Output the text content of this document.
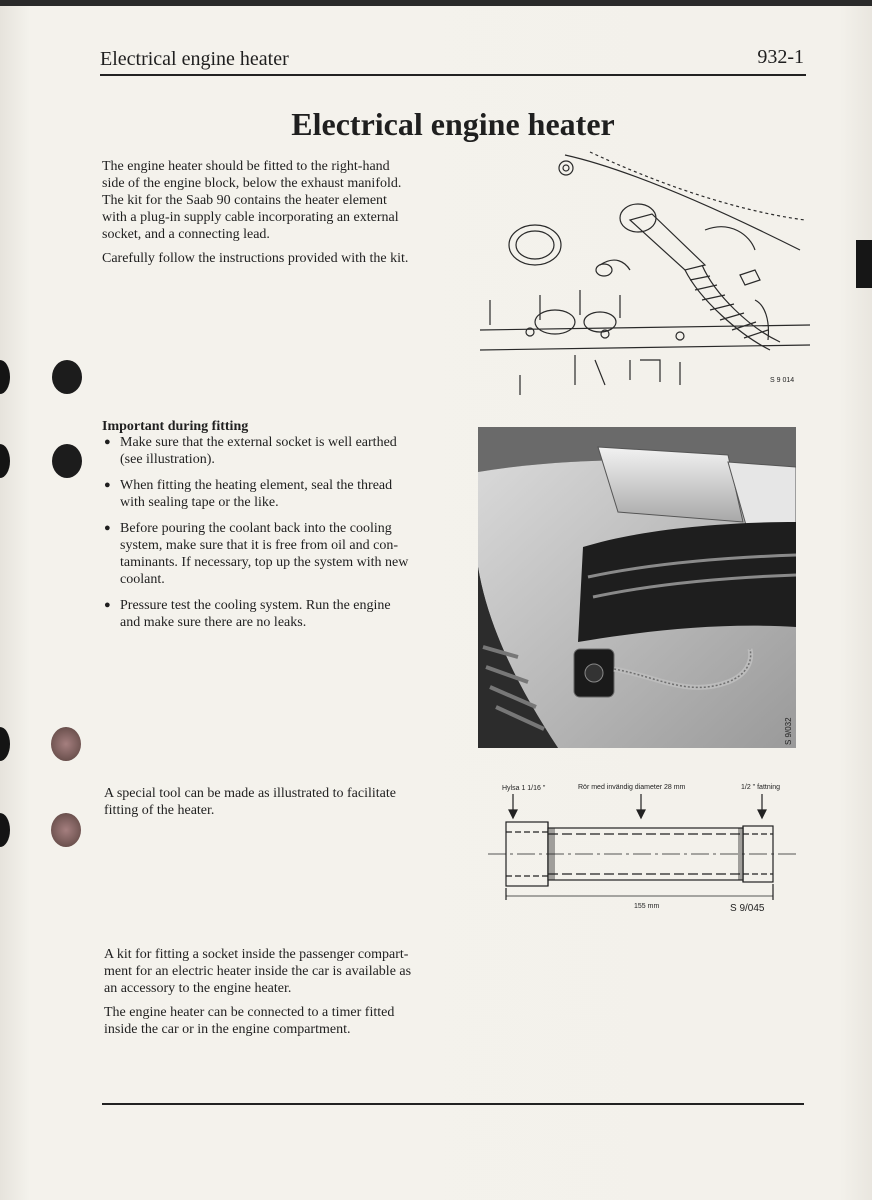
Electrical engine heater	932-1
Electrical engine heater

The engine heater should be fitted to the right-hand
side of the engine block, below the exhaust manifold.
The kit for the Saab 90 contains the heater element
with a plug-in supply cable incorporating an external
socket, and a connecting lead.

Carefully follow the instructions provided with the kit.

S 9 014
Important during fitting
● Make sure that the external socket is well earthed
(see illustration).
● When fitting the heating element, seal the thread
with sealing tape or the like.
● Before pouring the coolant back into the cooling
system, make sure that it is free from oil and con-
taminants. If necessary, top up the system with new
coolant.
● Pressure test the cooling system. Run the engine
and make sure there are no leaks.
S 9/032

A special tool can be made as illustrated to facilitate
fitting of the heater.

Hylsa 1 1/16 "	Rör med invändig diameter 28 mm	1/2 " fattning
155 mm	S 9/045

A kit for fitting a socket inside the passenger compart-
ment for an electric heater inside the car is available as
an accessory to the engine heater.

The engine heater can be connected to a timer fitted
inside the car or in the engine compartment.
